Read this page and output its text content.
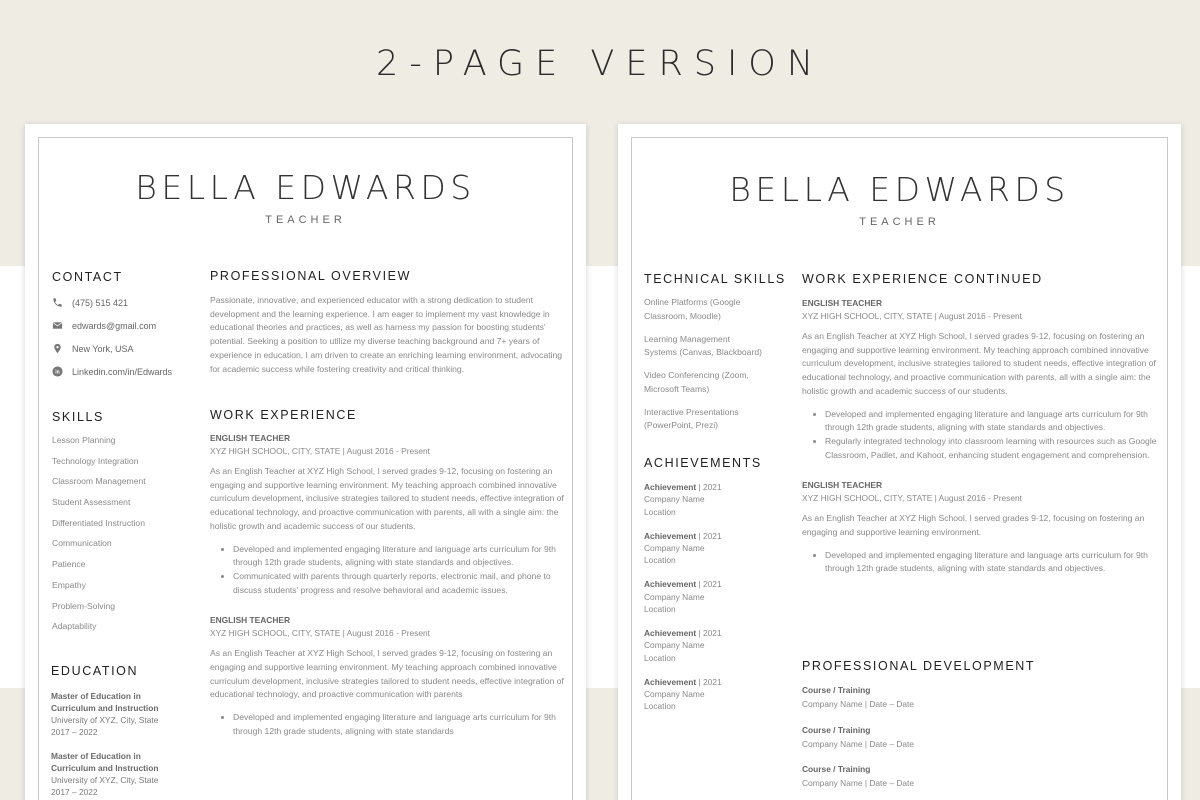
2-PAGE VERSION
BELLA EDWARDS
TEACHER
CONTACT
(475) 515 421
edwards@gmail.com
New York, USA
in Linkedin.com/in/Edwards
SKILLS
Lesson Planning
Technology Integration
Classroom Management
Student Assessment
Differentiated Instruction
Communication
Patience
Empathy
Problem-Solving
Adaptability
EDUCATION
Master of Education in
Curriculum and Instruction
University of XYZ, City, State
2017 – 2022
Master of Education in
Curriculum and Instruction
University of XYZ, City, State
2017 – 2022
PROFESSIONAL OVERVIEW
Passionate, innovative, and experienced educator with a strong dedication to student development and the learning experience. I am eager to implement my vast knowledge in educational theories and practices, as well as harness my passion for boosting students' potential. Seeking a position to utilize my diverse teaching background and 7+ years of experience in education, I am driven to create an enriching learning environment, advocating for academic success while fostering creativity and critical thinking.
WORK EXPERIENCE
ENGLISH TEACHER
XYZ HIGH SCHOOL, CITY, STATE | August 2016 - Present
As an English Teacher at XYZ High School, I served grades 9-12, focusing on fostering an engaging and supportive learning environment. My teaching approach combined innovative curriculum development, inclusive strategies tailored to student needs, effective integration of educational technology, and proactive communication with parents, all with a single aim: the holistic growth and academic success of our students.
• Developed and implemented engaging literature and language arts curriculum for 9th through 12th grade students, aligning with state standards and objectives.
• Communicated with parents through quarterly reports, electronic mail, and phone to discuss students' progress and resolve behavioral and academic issues.
ENGLISH TEACHER
XYZ HIGH SCHOOL, CITY, STATE | August 2016 - Present
As an English Teacher at XYZ High School, I served grades 9-12, focusing on fostering an engaging and supportive learning environment. My teaching approach combined innovative curriculum development, inclusive strategies tailored to student needs, effective integration of educational technology, and proactive communication with parents
• Developed and implemented engaging literature and language arts curriculum for 9th through 12th grade students, aligning with state standards
BELLA EDWARDS
TEACHER
TECHNICAL SKILLS
Online Platforms (Google
Classroom, Moodle)
Learning Management
Systems (Canvas, Blackboard)
Video Conferencing (Zoom,
Microsoft Teams)
Interactive Presentations
(PowerPoint, Prezi)
ACHIEVEMENTS
Achievement | 2021
Company Name
Location
Achievement | 2021
Company Name
Location
Achievement | 2021
Company Name
Location
Achievement | 2021
Company Name
Location
Achievement | 2021
Company Name
Location
WORK EXPERIENCE CONTINUED
ENGLISH TEACHER
XYZ HIGH SCHOOL, CITY, STATE | August 2016 - Present
As an English Teacher at XYZ High School, I served grades 9-12, focusing on fostering an engaging and supportive learning environment. My teaching approach combined innovative curriculum development, inclusive strategies tailored to student needs, effective integration of educational technology, and proactive communication with parents, all with a single aim: the holistic growth and academic success of our students.
• Developed and implemented engaging literature and language arts curriculum for 9th through 12th grade students, aligning with state standards and objectives.
• Regularly integrated technology into classroom learning with resources such as Google Classroom, Padlet, and Kahoot, enhancing student engagement and comprehension.
ENGLISH TEACHER
XYZ HIGH SCHOOL, CITY, STATE | August 2016 - Present
As an English Teacher at XYZ High School, I served grades 9-12, focusing on fostering an engaging and supportive learning environment.
• Developed and implemented engaging literature and language arts curriculum for 9th through 12th grade students, aligning with state standards and objectives.
PROFESSIONAL DEVELOPMENT
Course / Training
Company Name | Date – Date
Course / Training
Company Name | Date – Date
Course / Training
Company Name | Date – Date
